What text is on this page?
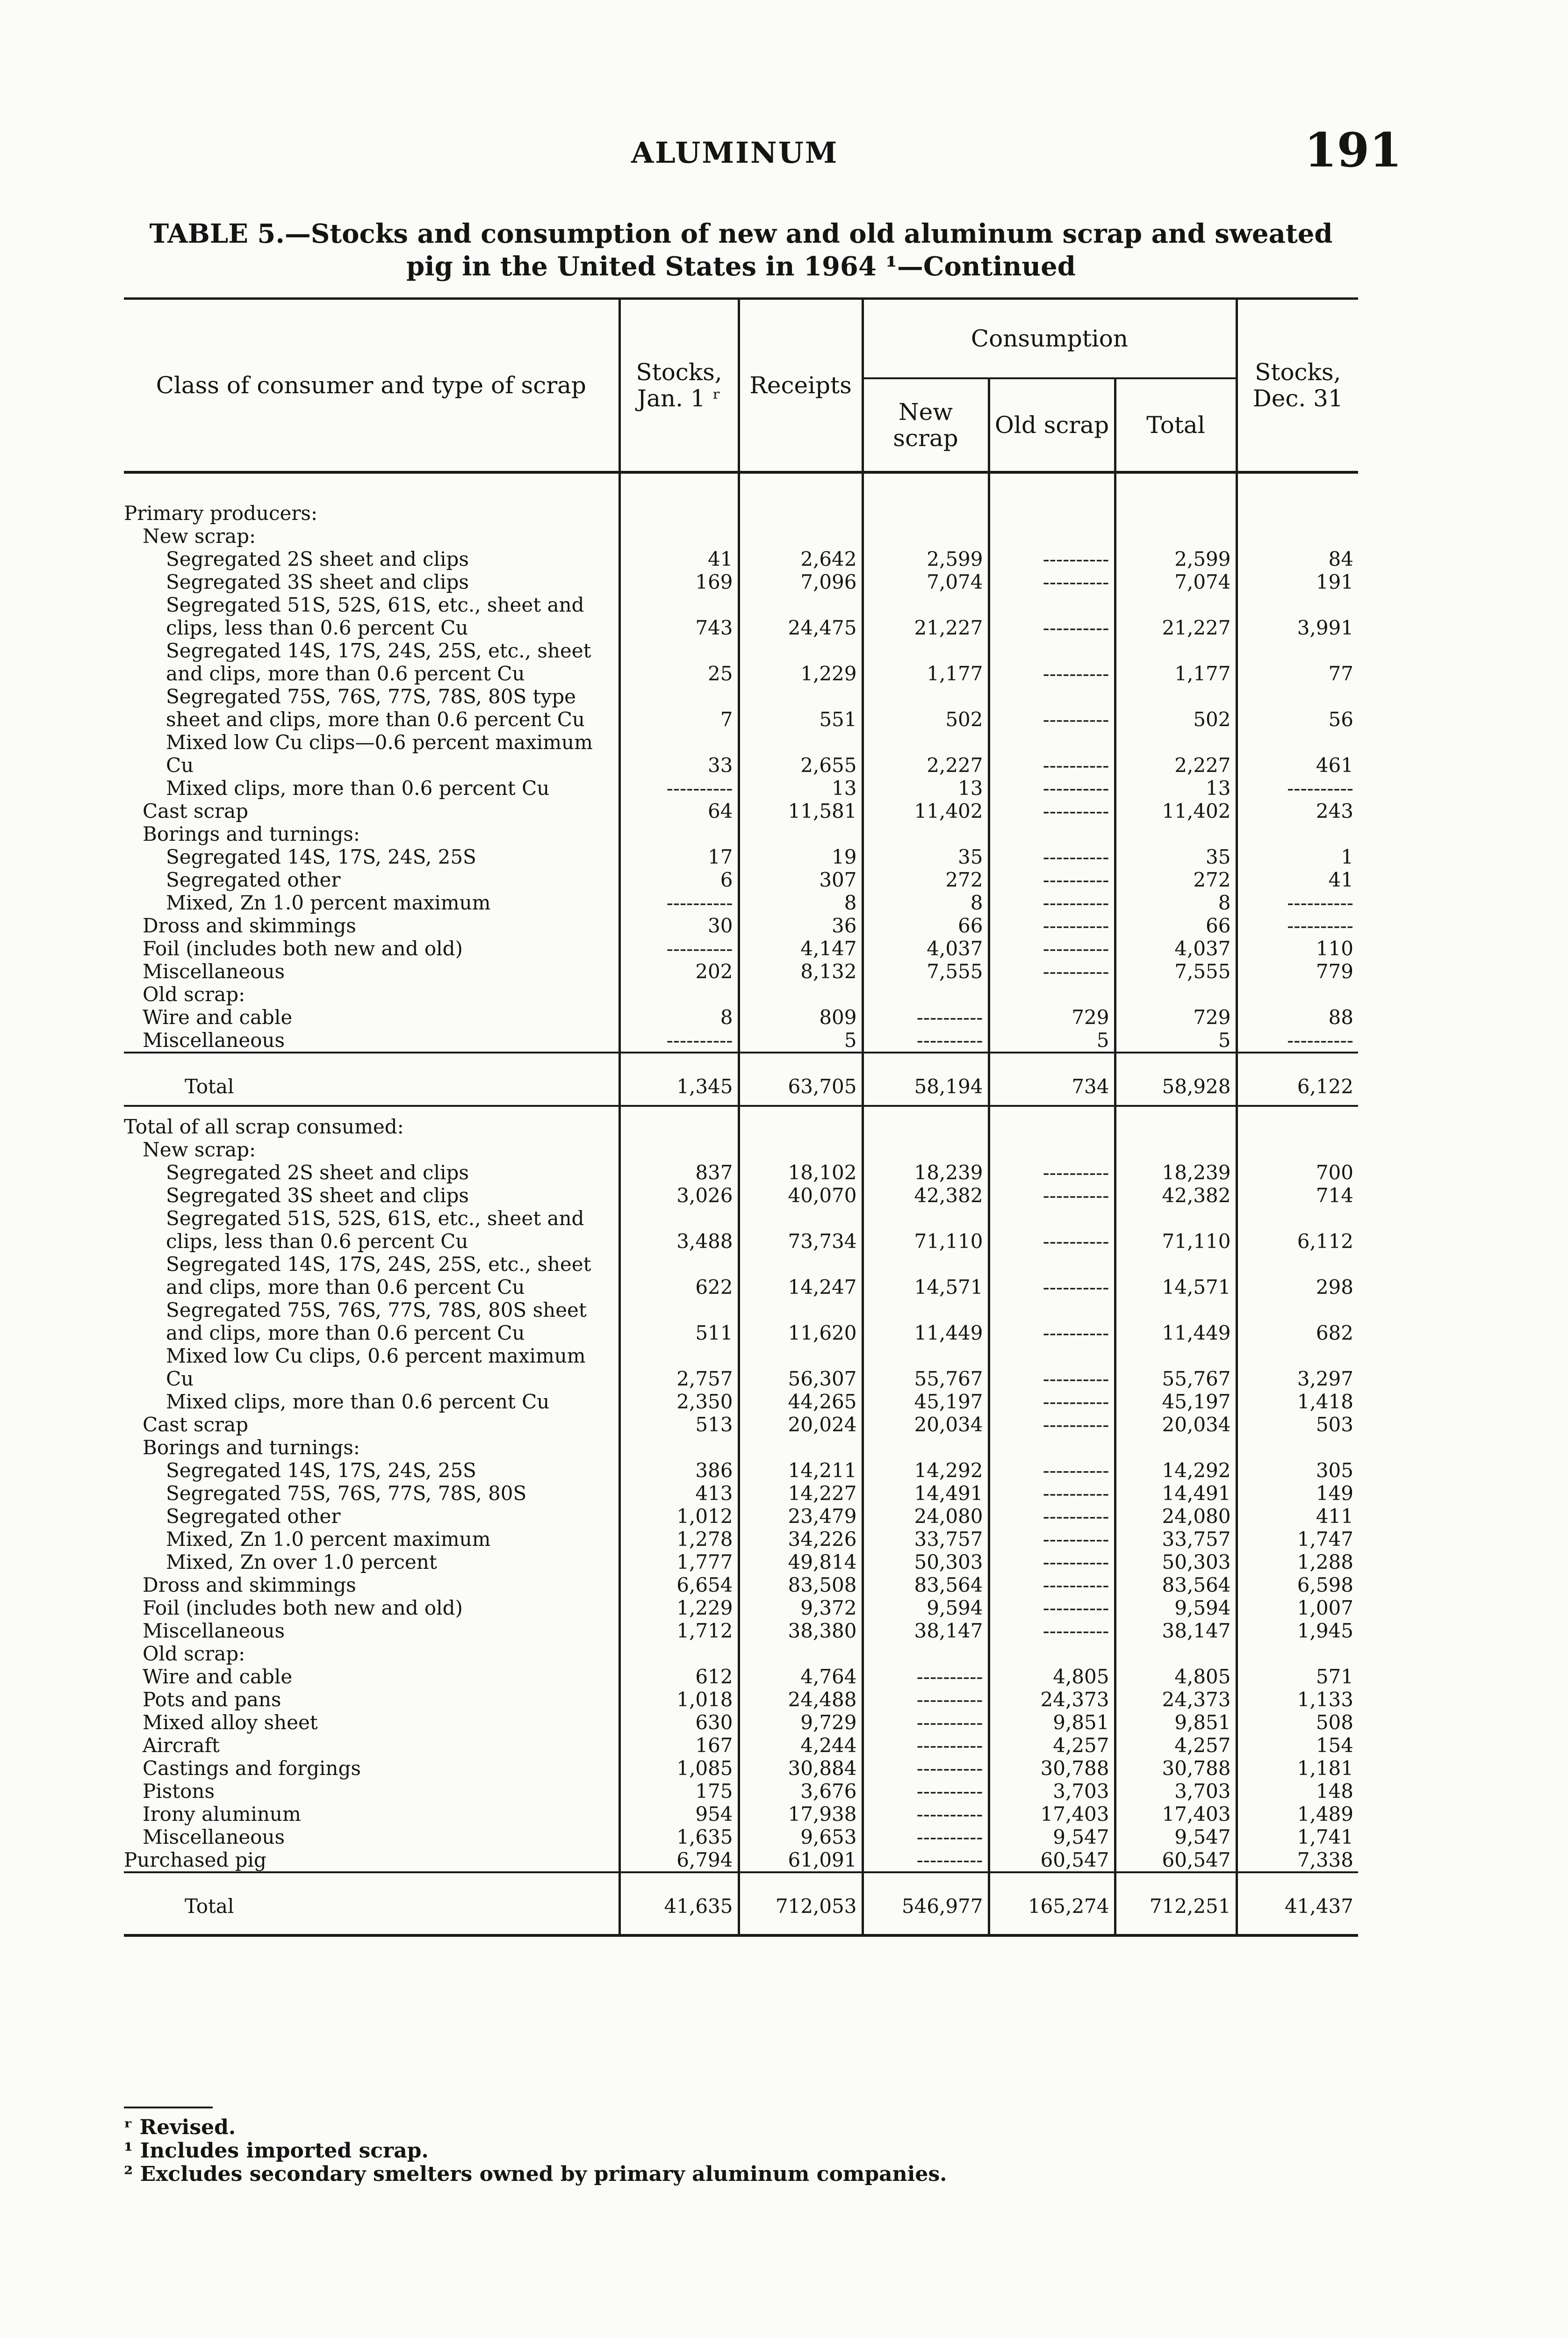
ALUMINUM	191
TABLE 5.—Stocks and consumption of new and old aluminum scrap and sweated pig in the United States in 1964 ¹—Continued
Class of consumer and type of scrap	Stocks, Jan. 1 ʳ	Receipts	Consumption			Stocks, Dec. 31
			New scrap	Old scrap	Total	

Primary producers:						
New scrap:						
Segregated 2S sheet and clips	41	2,642	2,599	----------	2,599	84
Segregated 3S sheet and clips	169	7,096	7,074	----------	7,074	191
Segregated 51S, 52S, 61S, etc., sheet and clips, less than 0.6 percent Cu	743	24,475	21,227	----------	21,227	3,991
Segregated 14S, 17S, 24S, 25S, etc., sheet and clips, more than 0.6 percent Cu	25	1,229	1,177	----------	1,177	77
Segregated 75S, 76S, 77S, 78S, 80S type sheet and clips, more than 0.6 percent Cu	7	551	502	----------	502	56
Mixed low Cu clips—0.6 percent maximum Cu	33	2,655	2,227	----------	2,227	461
Mixed clips, more than 0.6 percent Cu	----------	13	13	----------	13	----------
Cast scrap	64	11,581	11,402	----------	11,402	243
Borings and turnings:						
Segregated 14S, 17S, 24S, 25S	17	19	35	----------	35	1
Segregated other	6	307	272	----------	272	41
Mixed, Zn 1.0 percent maximum	----------	8	8	----------	8	----------
Dross and skimmings	30	36	66	----------	66	----------
Foil (includes both new and old)	----------	4,147	4,037	----------	4,037	110
Miscellaneous	202	8,132	7,555	----------	7,555	779
Old scrap:						
Wire and cable	8	809	----------	729	729	88
Miscellaneous	----------	5	----------	5	5	----------

Total	1,345	63,705	58,194	734	58,928	6,122

Total of all scrap consumed:						
New scrap:						
Segregated 2S sheet and clips	837	18,102	18,239	----------	18,239	700
Segregated 3S sheet and clips	3,026	40,070	42,382	----------	42,382	714
Segregated 51S, 52S, 61S, etc., sheet and clips, less than 0.6 percent Cu	3,488	73,734	71,110	----------	71,110	6,112
Segregated 14S, 17S, 24S, 25S, etc., sheet and clips, more than 0.6 percent Cu	622	14,247	14,571	----------	14,571	298
Segregated 75S, 76S, 77S, 78S, 80S sheet and clips, more than 0.6 percent Cu	511	11,620	11,449	----------	11,449	682
Mixed low Cu clips, 0.6 percent maximum Cu	2,757	56,307	55,767	----------	55,767	3,297
Mixed clips, more than 0.6 percent Cu	2,350	44,265	45,197	----------	45,197	1,418
Cast scrap	513	20,024	20,034	----------	20,034	503
Borings and turnings:						
Segregated 14S, 17S, 24S, 25S	386	14,211	14,292	----------	14,292	305
Segregated 75S, 76S, 77S, 78S, 80S	413	14,227	14,491	----------	14,491	149
Segregated other	1,012	23,479	24,080	----------	24,080	411
Mixed, Zn 1.0 percent maximum	1,278	34,226	33,757	----------	33,757	1,747
Mixed, Zn over 1.0 percent	1,777	49,814	50,303	----------	50,303	1,288
Dross and skimmings	6,654	83,508	83,564	----------	83,564	6,598
Foil (includes both new and old)	1,229	9,372	9,594	----------	9,594	1,007
Miscellaneous	1,712	38,380	38,147	----------	38,147	1,945
Old scrap:						
Wire and cable	612	4,764	----------	4,805	4,805	571
Pots and pans	1,018	24,488	----------	24,373	24,373	1,133
Mixed alloy sheet	630	9,729	----------	9,851	9,851	508
Aircraft	167	4,244	----------	4,257	4,257	154
Castings and forgings	1,085	30,884	----------	30,788	30,788	1,181
Pistons	175	3,676	----------	3,703	3,703	148
Irony aluminum	954	17,938	----------	17,403	17,403	1,489
Miscellaneous	1,635	9,653	----------	9,547	9,547	1,741
Purchased pig	6,794	61,091	----------	60,547	60,547	7,338

Total	41,635	712,053	546,977	165,274	712,251	41,437

ʳ Revised.
¹ Includes imported scrap.
² Excludes secondary smelters owned by primary aluminum companies.
